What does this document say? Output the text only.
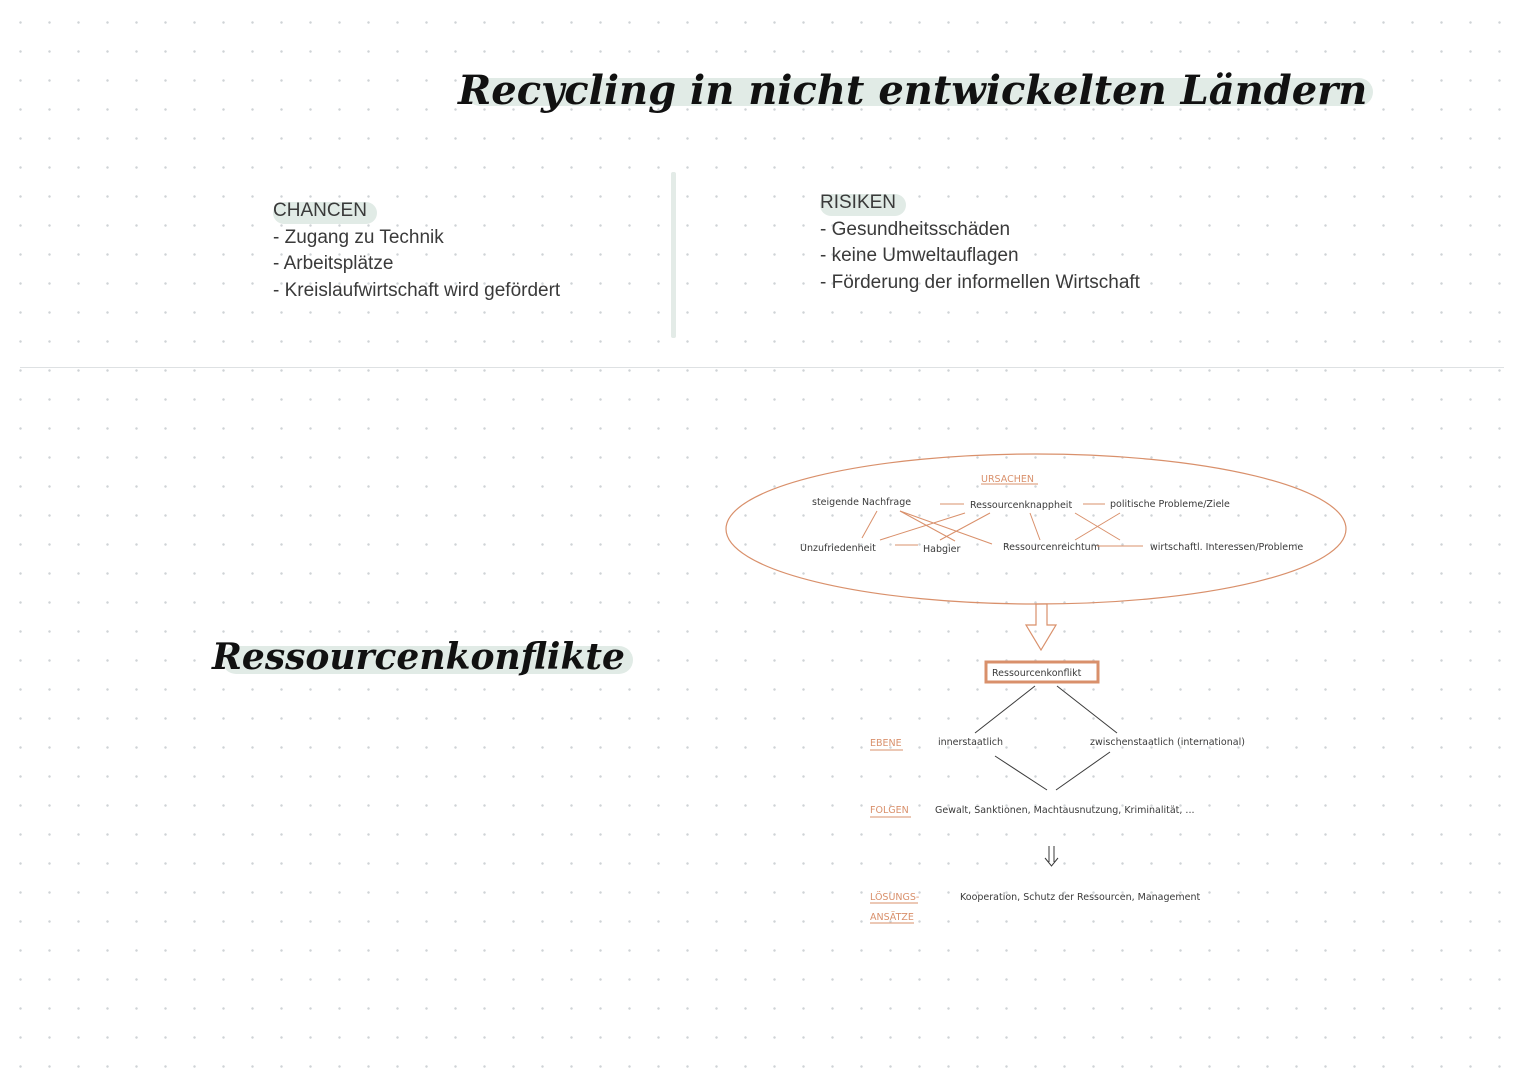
Recycling in nicht entwickelten Ländern
CHANCEN
- Zugang zu Technik
- Arbeitsplätze
- Kreislaufwirtschaft wird gefördert
RISIKEN
- Gesundheitsschäden
- keine Umweltauflagen
- Förderung der informellen Wirtschaft
Ressourcenkonflikte
URSACHEN
steigende Nachfrage	Ressourcenknappheit	politische Probleme/Ziele
Unzufriedenheit	Habgier	Ressourcenreichtum	wirtschaftl. Interessen/Probleme
Ressourcenkonflikt
EBENE	innerstaatlich	zwischenstaatlich (international)
FOLGEN	Gewalt, Sanktionen, Machtausnutzung, Kriminalität, ...
LÖSUNGS-
ANSÄTZE
Kooperation, Schutz der Ressourcen, Management
